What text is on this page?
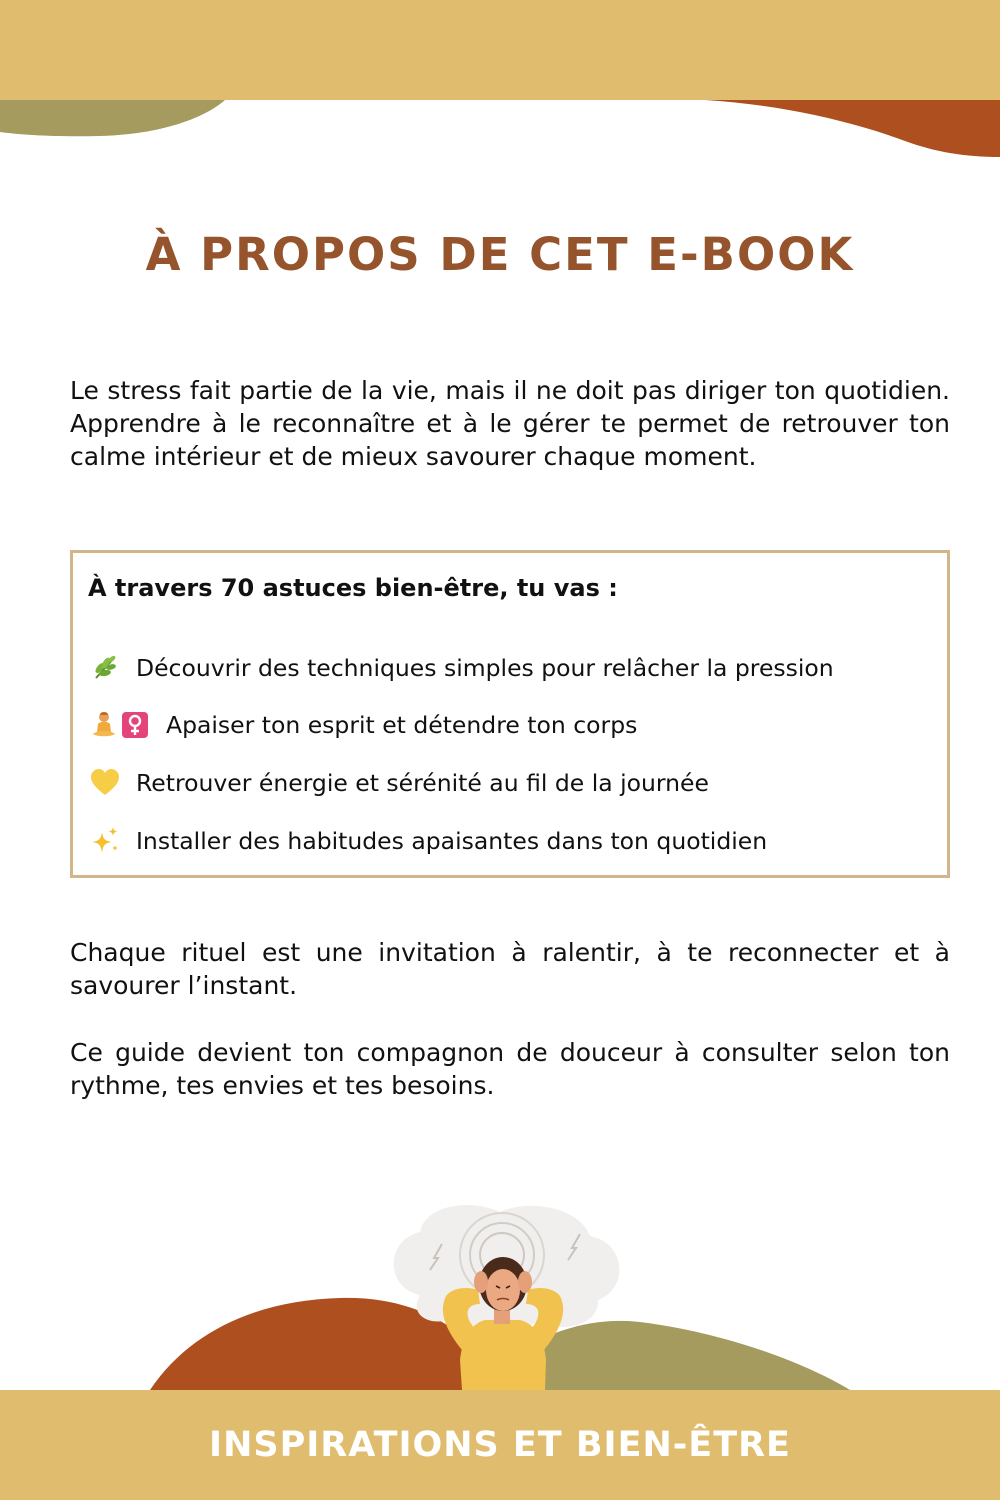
À PROPOS DE CET E-BOOK

Le stress fait partie de la vie, mais il ne doit pas diriger ton quotidien. Apprendre à le reconnaître et à le gérer te permet de retrouver ton calme intérieur et de mieux savourer chaque moment.

À travers 70 astuces bien-être, tu vas :
Découvrir des techniques simples pour relâcher la pression
Apaiser ton esprit et détendre ton corps
Retrouver énergie et sérénité au fil de la journée
Installer des habitudes apaisantes dans ton quotidien

Chaque rituel est une invitation à ralentir, à te reconnecter et à savourer l’instant.

Ce guide devient ton compagnon de douceur à consulter selon ton rythme, tes envies et tes besoins.

INSPIRATIONS ET BIEN-ÊTRE
